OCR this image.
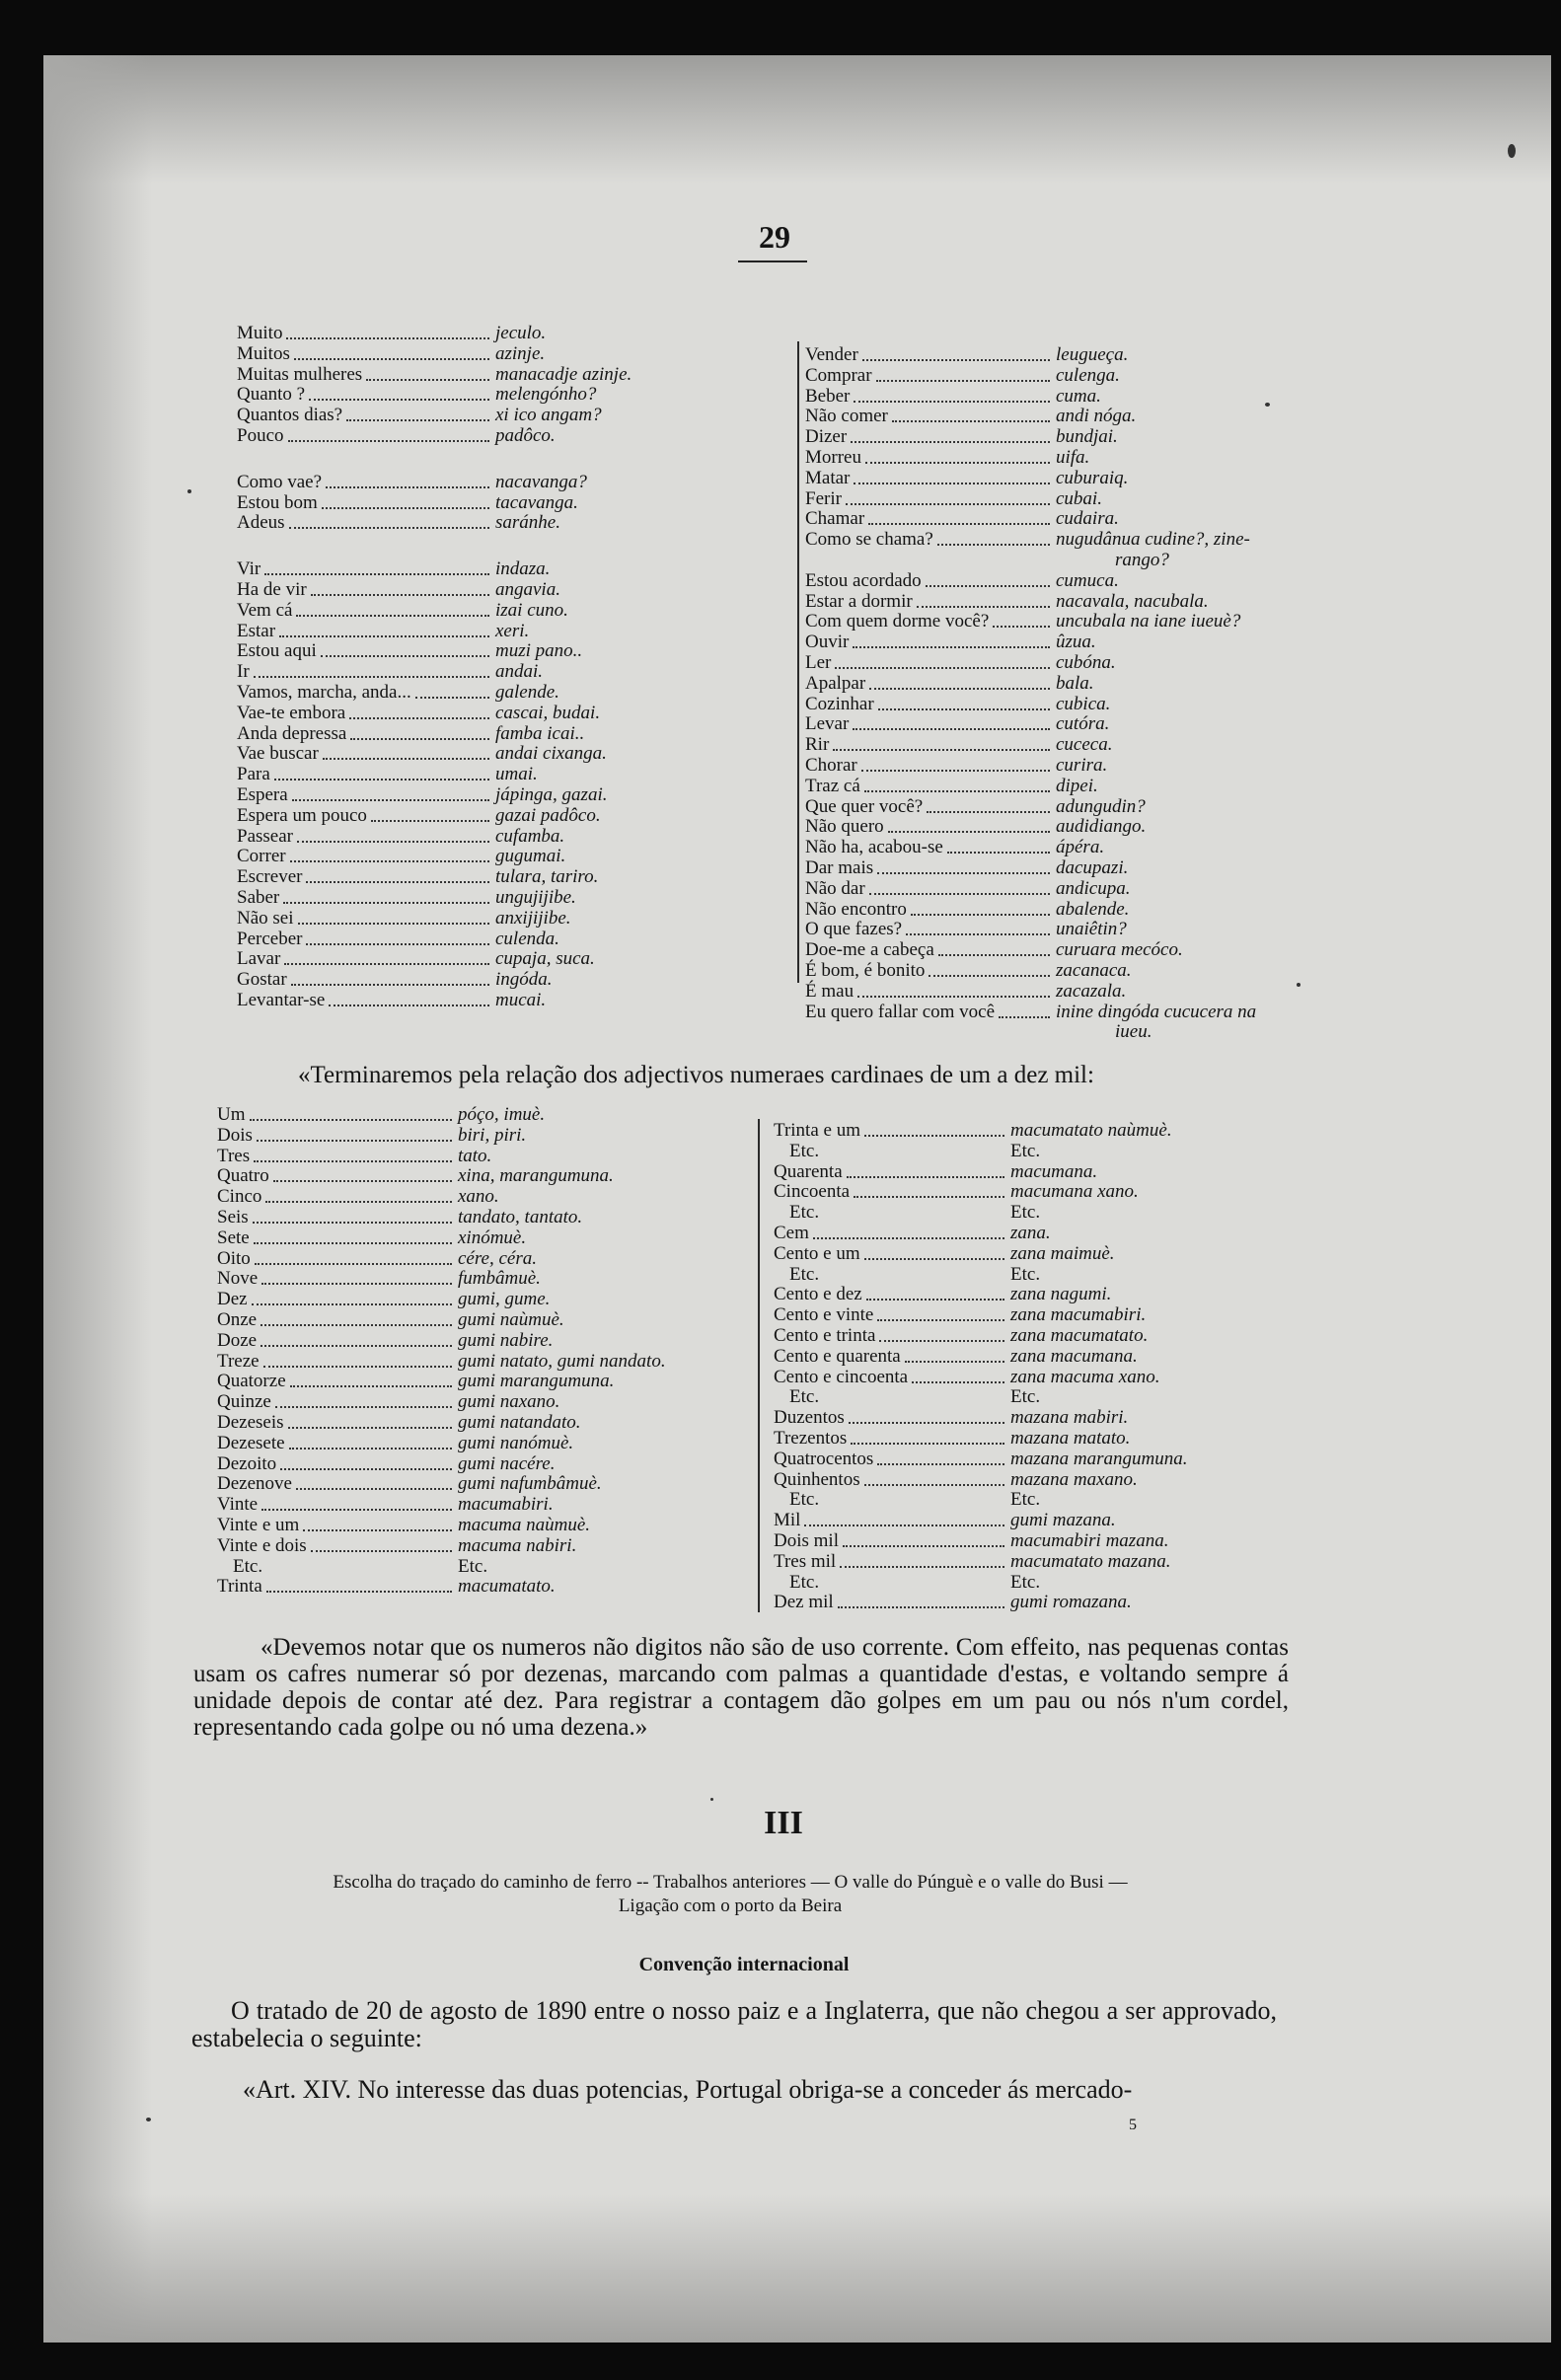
29
Muito	jeculo.
Muitos	azinje.
Muitas mulheres	manacadje azinje.
Quanto ?	melengónho?
Quantos dias?	xi ico angam?
Pouco	padôco.
Como vae?	nacavanga?
Estou bom	tacavanga.
Adeus	saránhe.
Vir	indaza.
Ha de vir	angavia.
Vem cá	izai cuno.
Estar	xeri.
Estou aqui	muzi pano..
Ir	andai.
Vamos, marcha, anda...	galende.
Vae-te embora	cascai, budai.
Anda depressa	famba icai..
Vae buscar	andai cixanga.
Para	umai.
Espera	jápinga, gazai.
Espera um pouco	gazai padôco.
Passear	cufamba.
Correr	gugumai.
Escrever	tulara, tariro.
Saber	ungujijibe.
Não sei	anxijijibe.
Perceber	culenda.
Lavar	cupaja, suca.
Gostar	ingóda.
Levantar-se	mucai.
Vender	leugueça.
Comprar	culenga.
Beber	cuma.
Não comer	andi nóga.
Dizer	bundjai.
Morreu	uifa.
Matar	cuburaiq.
Ferir	cubai.
Chamar	cudaira.
Como se chama?	nugudânua cudine?, zine-
rango?
Estou acordado	cumuca.
Estar a dormir	nacavala, nacubala.
Com quem dorme você?	uncubala na iane iueuè?
Ouvir	ûzua.
Ler	cubóna.
Apalpar	bala.
Cozinhar	cubica.
Levar	cutóra.
Rir	cuceca.
Chorar	curira.
Traz cá	dipei.
Que quer você?	adungudin?
Não quero	audidiango.
Não ha, acabou-se	ápéra.
Dar mais	dacupazi.
Não dar	andicupa.
Não encontro	abalende.
O que fazes?	unaiêtin?
Doe-me a cabeça	curuara mecóco.
É bom, é bonito	zacanaca.
É mau	zacazala.
Eu quero fallar com você	inine dingóda cucucera na
iueu.
«Terminaremos pela relação dos adjectivos numeraes cardinaes de um a dez mil:
Um	póço, imuè.
Dois	biri, piri.
Tres	tato.
Quatro	xina, marangumuna.
Cinco	xano.
Seis	tandato, tantato.
Sete	xinómuè.
Oito	cére, céra.
Nove	fumbâmuè.
Dez	gumi, gume.
Onze	gumi naùmuè.
Doze	gumi nabire.
Treze	gumi natato, gumi nandato.
Quatorze	gumi marangumuna.
Quinze	gumi naxano.
Dezeseis	gumi natandato.
Dezesete	gumi nanómuè.
Dezoito	gumi nacére.
Dezenove	gumi nafumbâmuè.
Vinte	macumabiri.
Vinte e um	macuma naùmuè.
Vinte e dois	macuma nabiri.
Etc.	Etc.
Trinta	macumatato.
Trinta e um	macumatato naùmuè.
Etc.	Etc.
Quarenta	macumana.
Cincoenta	macumana xano.
Etc.	Etc.
Cem	zana.
Cento e um	zana maimuè.
Etc.	Etc.
Cento e dez	zana nagumi.
Cento e vinte	zana macumabiri.
Cento e trinta	zana macumatato.
Cento e quarenta	zana macumana.
Cento e cincoenta	zana macuma xano.
Etc.	Etc.
Duzentos	mazana mabiri.
Trezentos	mazana matato.
Quatrocentos	mazana marangumuna.
Quinhentos	mazana maxano.
Etc.	Etc.
Mil	gumi mazana.
Dois mil	macumabiri mazana.
Tres mil	macumatato mazana.
Etc.	Etc.
Dez mil	gumi romazana.
«Devemos notar que os numeros não digitos não são de uso corrente. Com effeito, nas pequenas contas usam os cafres numerar só por dezenas, marcando com palmas a quantidade d'estas, e voltando sempre á unidade depois de contar até dez. Para registrar a contagem dão golpes em um pau ou nós n'um cordel, representando cada golpe ou nó uma dezena.»
III
Escolha do traçado do caminho de ferro -- Trabalhos anteriores — O valle do Púnguè e o valle do Busi —
Ligação com o porto da Beira
Convenção internacional
O tratado de 20 de agosto de 1890 entre o nosso paiz e a Inglaterra, que não chegou a ser approvado, estabelecia o seguinte:
«Art. XIV. No interesse das duas potencias, Portugal obriga-se a conceder ás mercado-
5
